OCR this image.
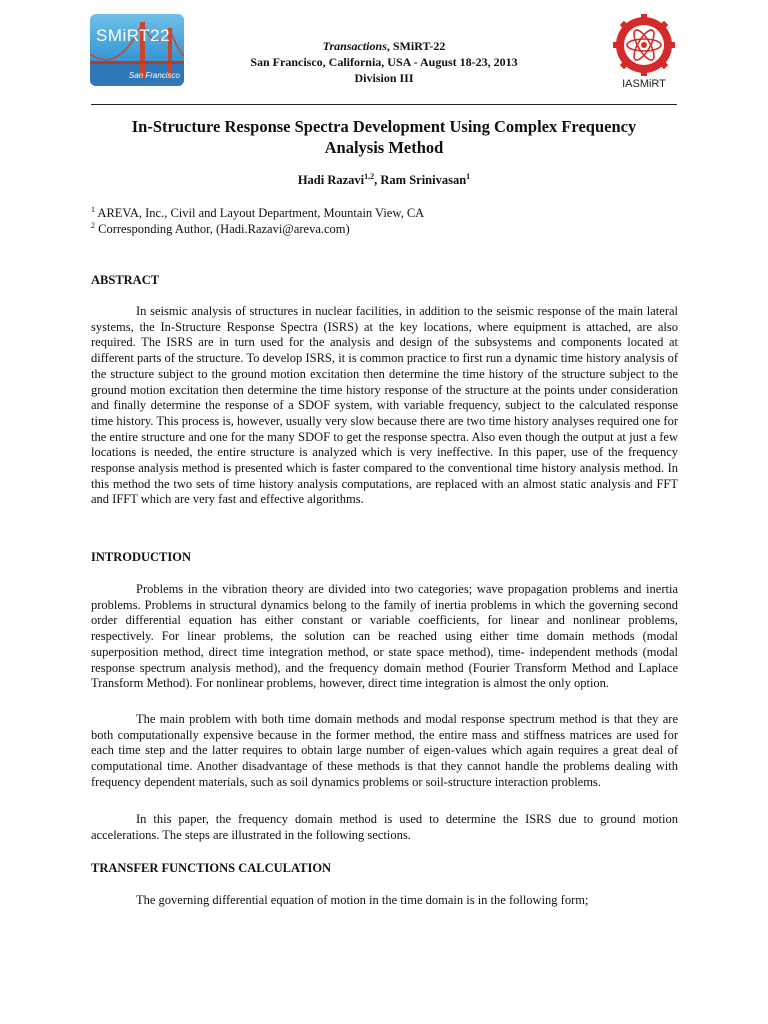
SMiRT22
San Francisco
IASMiRT
Transactions, SMiRT-22
San Francisco, California, USA - August 18-23, 2013
Division III
In-Structure Response Spectra Development Using Complex Frequency
Analysis Method
Hadi Razavi$^{1,2}$, Ram Srinivasan$^1$
$^1$ AREVA, Inc., Civil and Layout Department, Mountain View, CA
$^2$ Corresponding Author, (Hadi.Razavi@areva.com)
ABSTRACT

In seismic analysis of structures in nuclear facilities, in addition to the seismic response of the main lateral systems, the In-Structure Response Spectra (ISRS) at the key locations, where equipment is attached, are also required. The ISRS are in turn used for the analysis and design of the subsystems and components located at different parts of the structure. To develop ISRS, it is common practice to first run a dynamic time history analysis of the structure subject to the ground motion excitation then determine the time history of the structure subject to the ground motion excitation then determine the time history response of the structure at the points under consideration and finally determine the response of a SDOF system, with variable frequency, subject to the calculated response time history. This process is, however, usually very slow because there are two time history analyses required one for the entire structure and one for the many SDOF to get the response spectra. Also even though the output at just a few locations is needed, the entire structure is analyzed which is very ineffective. In this paper, use of the frequency response analysis method is presented which is faster compared to the conventional time history analysis method. In this method the two sets of time history analysis computations, are replaced with an almost static analysis and FFT and IFFT which are very fast and effective algorithms.

INTRODUCTION

Problems in the vibration theory are divided into two categories; wave propagation problems and inertia problems. Problems in structural dynamics belong to the family of inertia problems in which the governing second order differential equation has either constant or variable coefficients, for linear and nonlinear problems, respectively. For linear problems, the solution can be reached using either time domain methods (modal superposition method, direct time integration method, or state space method), time- independent methods (modal response spectrum analysis method), and the frequency domain method (Fourier Transform Method and Laplace Transform Method). For nonlinear problems, however, direct time integration is almost the only option.

The main problem with both time domain methods and modal response spectrum method is that they are both computationally expensive because in the former method, the entire mass and stiffness matrices are used for each time step and the latter requires to obtain large number of eigen-values which again requires a great deal of computational time. Another disadvantage of these methods is that they cannot handle the problems dealing with frequency dependent materials, such as soil dynamics problems or soil-structure interaction problems.

In this paper, the frequency domain method is used to determine the ISRS due to ground motion accelerations. The steps are illustrated in the following sections.

TRANSFER FUNCTIONS CALCULATION

The governing differential equation of motion in the time domain is in the following form;
